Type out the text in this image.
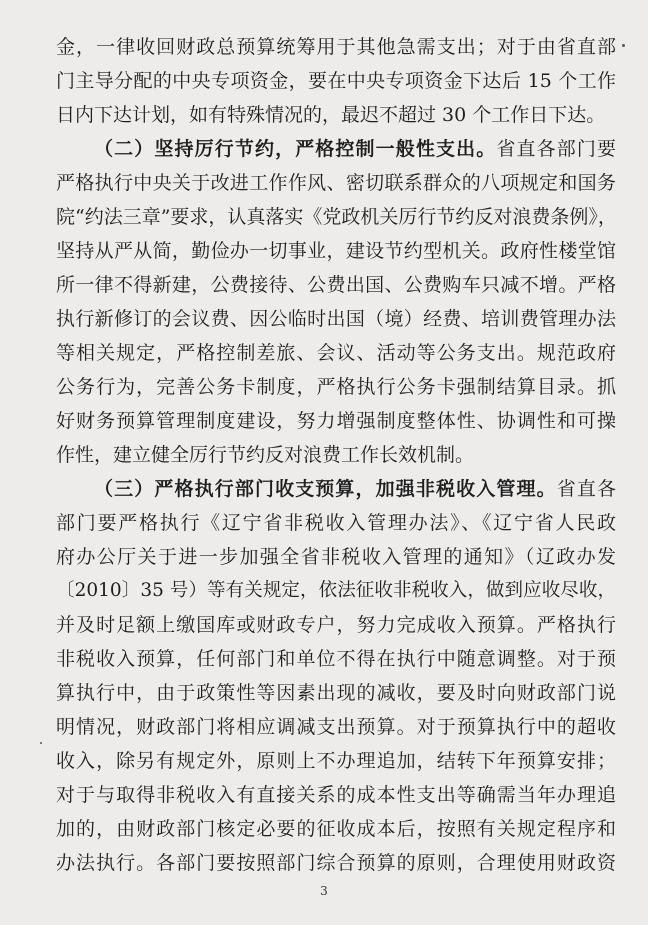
金，一律收回财政总预算统筹用于其他急需支出；对于由省直部
门主导分配的中央专项资金，要在中央专项资金下达后 15 个工作
日内下达计划，如有特殊情况的，最迟不超过 30 个工作日下达。
（二）坚持厉行节约，严格控制一般性支出。省直各部门要
严格执行中央关于改进工作作风、密切联系群众的八项规定和国务
院“约法三章”要求，认真落实《党政机关厉行节约反对浪费条例》，
坚持从严从简，勤俭办一切事业，建设节约型机关。政府性楼堂馆
所一律不得新建，公费接待、公费出国、公费购车只减不增。严格
执行新修订的会议费、因公临时出国（境）经费、培训费管理办法
等相关规定，严格控制差旅、会议、活动等公务支出。规范政府
公务行为，完善公务卡制度，严格执行公务卡强制结算目录。抓
好财务预算管理制度建设，努力增强制度整体性、协调性和可操
作性，建立健全厉行节约反对浪费工作长效机制。
（三）严格执行部门收支预算，加强非税收入管理。省直各
部门要严格执行《辽宁省非税收入管理办法》、《辽宁省人民政
府办公厅关于进一步加强全省非税收入管理的通知》（辽政办发
〔2010〕35 号）等有关规定，依法征收非税收入，做到应收尽收，
并及时足额上缴国库或财政专户，努力完成收入预算。严格执行
非税收入预算，任何部门和单位不得在执行中随意调整。对于预
算执行中，由于政策性等因素出现的减收，要及时向财政部门说
明情况，财政部门将相应调减支出预算。对于预算执行中的超收
收入，除另有规定外，原则上不办理追加，结转下年预算安排；
对于与取得非税收入有直接关系的成本性支出等确需当年办理追
加的，由财政部门核定必要的征收成本后，按照有关规定程序和
办法执行。各部门要按照部门综合预算的原则，合理使用财政资
3
